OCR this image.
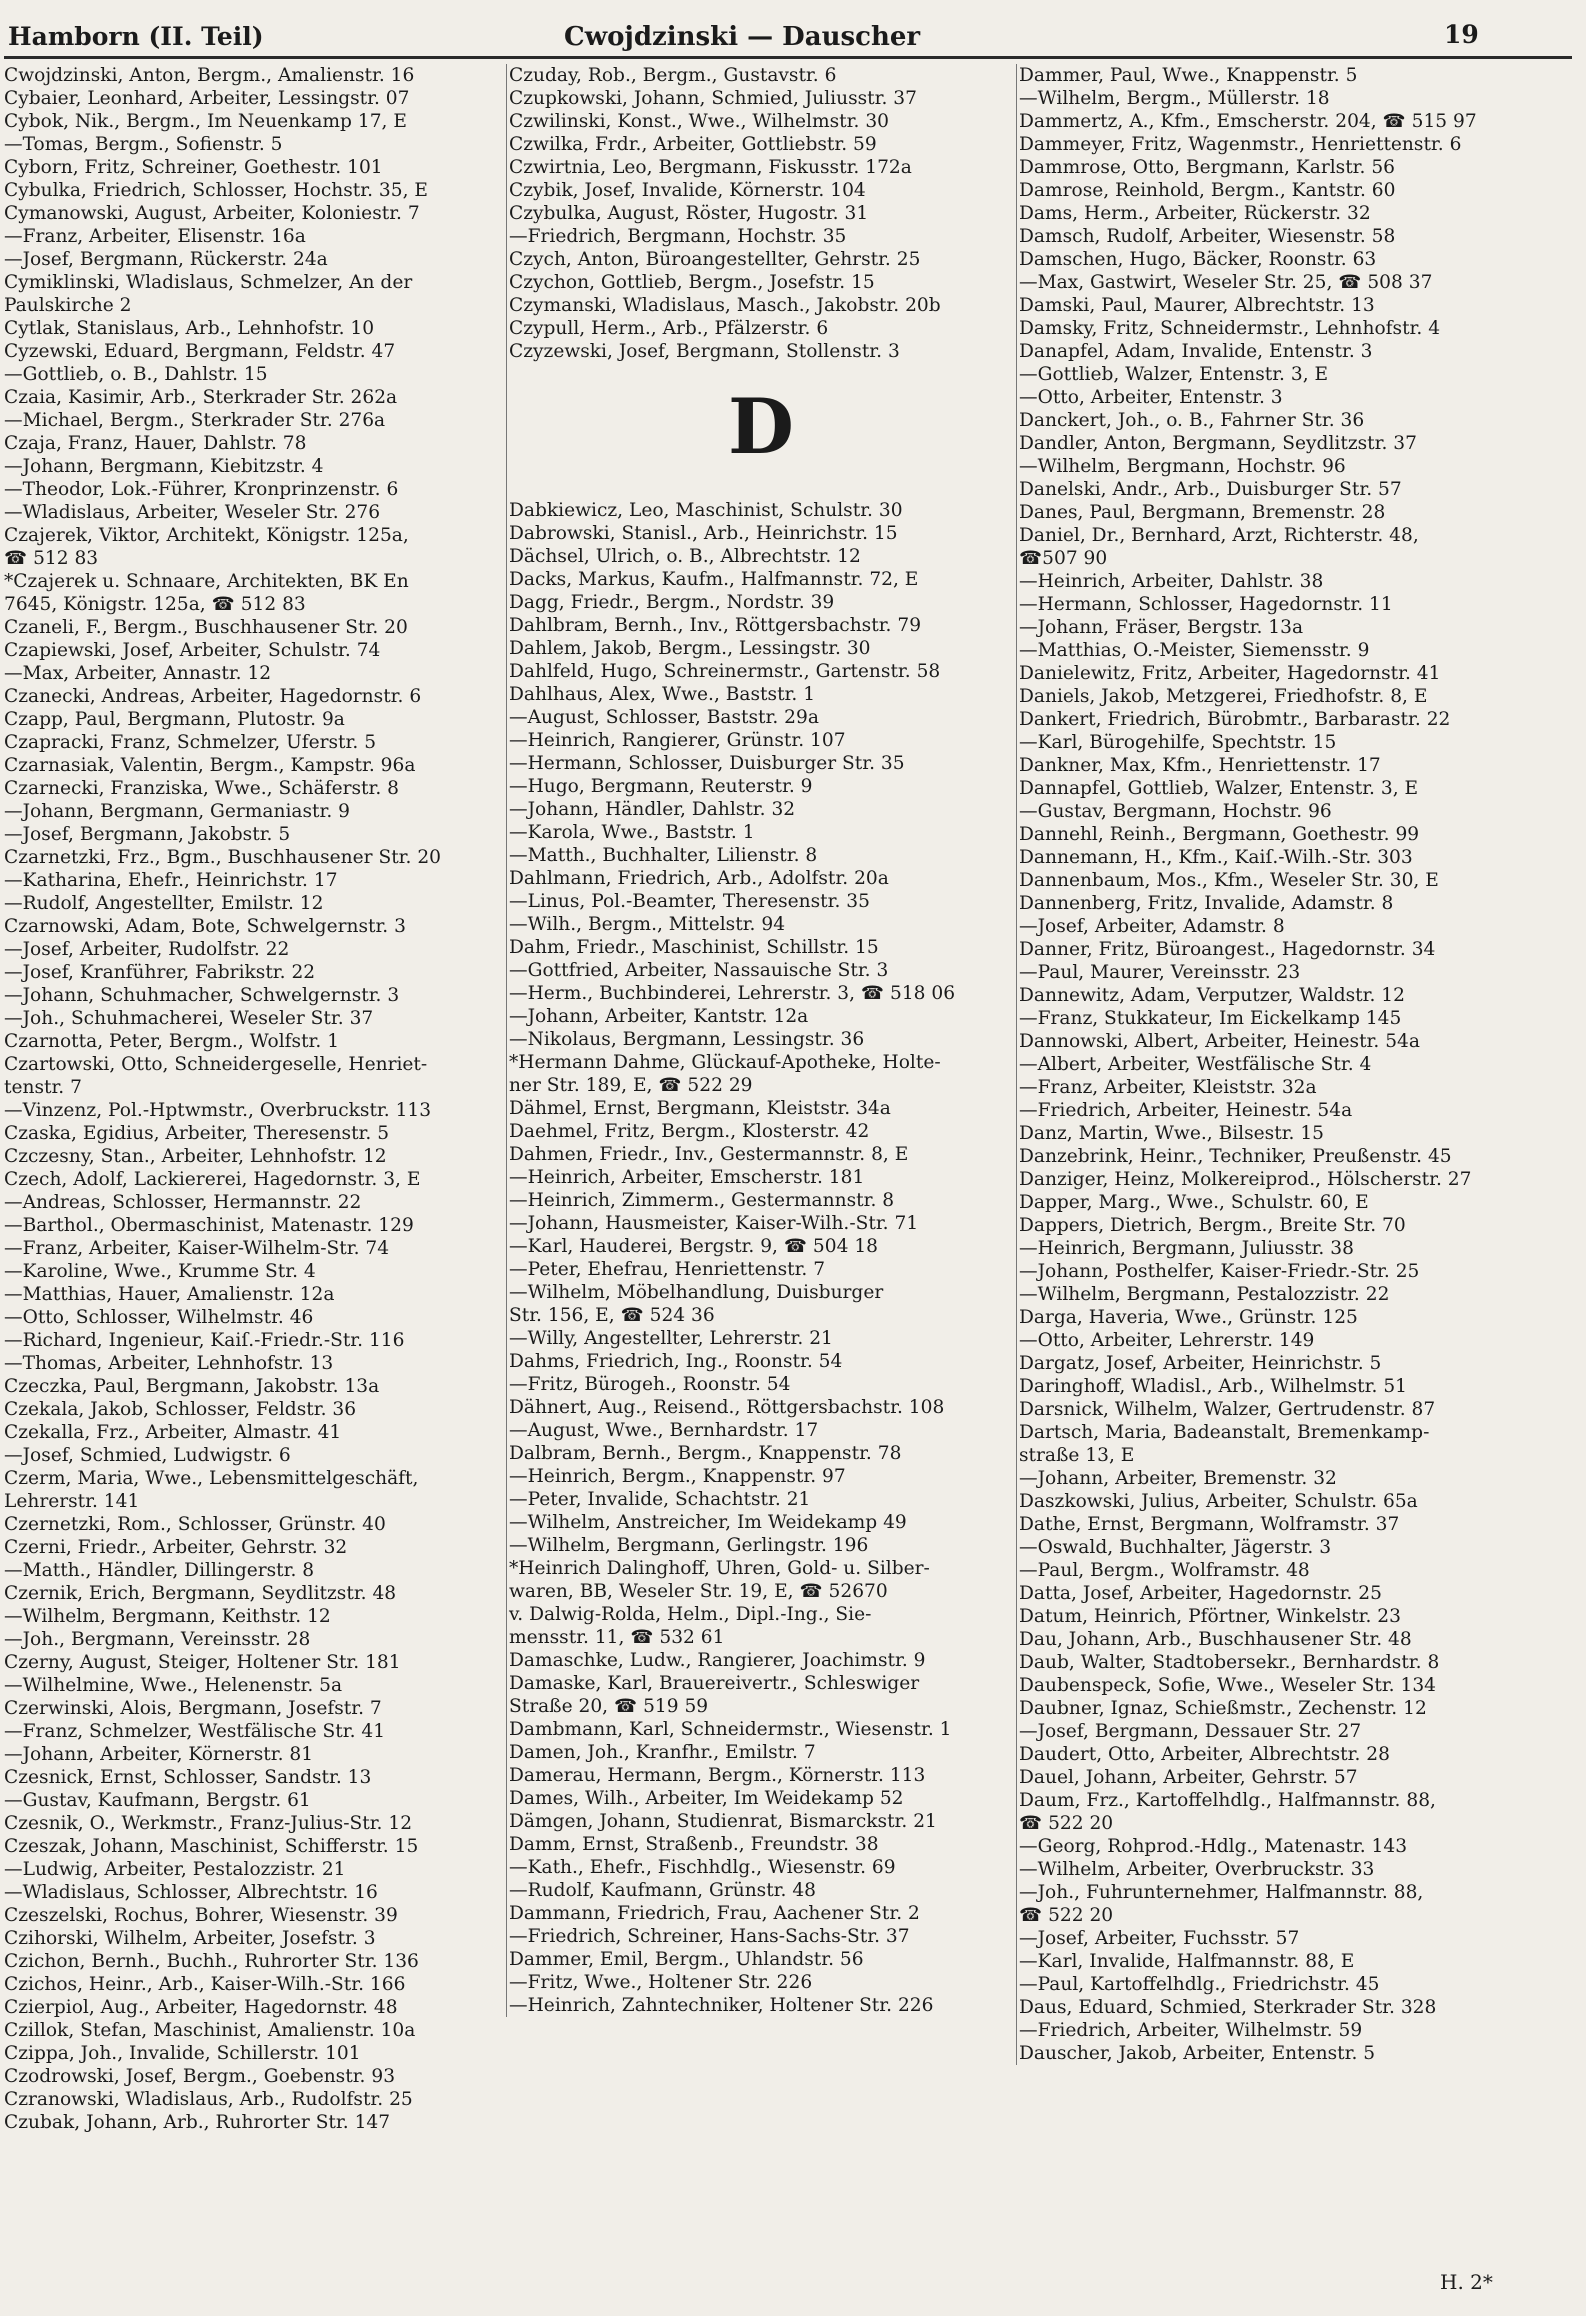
Hamborn (II. Teil)	Cwojdzinski — Dauscher	19
Cwojdzinski, Anton, Bergm., Amalienstr. 16
Cybaier, Leonhard, Arbeiter, Lessingstr. 07
Cybok, Nik., Bergm., Im Neuenkamp 17, E
—Tomas, Bergm., Sofienstr. 5
Cyborn, Fritz, Schreiner, Goethestr. 101
Cybulka, Friedrich, Schlosser, Hochstr. 35, E
Cymanowski, August, Arbeiter, Koloniestr. 7
—Franz, Arbeiter, Elisenstr. 16a
—Josef, Bergmann, Rückerstr. 24a
Cymiklinski, Wladislaus, Schmelzer, An der
Paulskirche 2
Cytlak, Stanislaus, Arb., Lehnhofstr. 10
Cyzewski, Eduard, Bergmann, Feldstr. 47
—Gottlieb, o. B., Dahlstr. 15
Czaia, Kasimir, Arb., Sterkrader Str. 262a
—Michael, Bergm., Sterkrader Str. 276a
Czaja, Franz, Hauer, Dahlstr. 78
—Johann, Bergmann, Kiebitzstr. 4
—Theodor, Lok.-Führer, Kronprinzenstr. 6
—Wladislaus, Arbeiter, Weseler Str. 276
Czajerek, Viktor, Architekt, Königstr. 125a,
☎ 512 83
*Czajerek u. Schnaare, Architekten, BK En
7645, Königstr. 125a, ☎ 512 83
Czaneli, F., Bergm., Buschhausener Str. 20
Czapiewski, Josef, Arbeiter, Schulstr. 74
—Max, Arbeiter, Annastr. 12
Czanecki, Andreas, Arbeiter, Hagedornstr. 6
Czapp, Paul, Bergmann, Plutostr. 9a
Czapracki, Franz, Schmelzer, Uferstr. 5
Czarnasiak, Valentin, Bergm., Kampstr. 96a
Czarnecki, Franziska, Wwe., Schäferstr. 8
—Johann, Bergmann, Germaniastr. 9
—Josef, Bergmann, Jakobstr. 5
Czarnetzki, Frz., Bgm., Buschhausener Str. 20
—Katharina, Ehefr., Heinrichstr. 17
—Rudolf, Angestellter, Emilstr. 12
Czarnowski, Adam, Bote, Schwelgernstr. 3
—Josef, Arbeiter, Rudolfstr. 22
—Josef, Kranführer, Fabrikstr. 22
—Johann, Schuhmacher, Schwelgernstr. 3
—Joh., Schuhmacherei, Weseler Str. 37
Czarnotta, Peter, Bergm., Wolfstr. 1
Czartowski, Otto, Schneidergeselle, Henriet-
tenstr. 7
—Vinzenz, Pol.-Hptwmstr., Overbruckstr. 113
Czaska, Egidius, Arbeiter, Theresenstr. 5
Czczesny, Stan., Arbeiter, Lehnhofstr. 12
Czech, Adolf, Lackiererei, Hagedornstr. 3, E
—Andreas, Schlosser, Hermannstr. 22
—Barthol., Obermaschinist, Matenastr. 129
—Franz, Arbeiter, Kaiser-Wilhelm-Str. 74
—Karoline, Wwe., Krumme Str. 4
—Matthias, Hauer, Amalienstr. 12a
—Otto, Schlosser, Wilhelmstr. 46
—Richard, Ingenieur, Kaiſ.-Friedr.-Str. 116
—Thomas, Arbeiter, Lehnhofstr. 13
Czeczka, Paul, Bergmann, Jakobstr. 13a
Czekala, Jakob, Schlosser, Feldstr. 36
Czekalla, Frz., Arbeiter, Almastr. 41
—Josef, Schmied, Ludwigstr. 6
Czerm, Maria, Wwe., Lebensmittelgeschäft,
Lehrerstr. 141
Czernetzki, Rom., Schlosser, Grünstr. 40
Czerni, Friedr., Arbeiter, Gehrstr. 32
—Matth., Händler, Dillingerstr. 8
Czernik, Erich, Bergmann, Seydlitzstr. 48
—Wilhelm, Bergmann, Keithstr. 12
—Joh., Bergmann, Vereinsstr. 28
Czerny, August, Steiger, Holtener Str. 181
—Wilhelmine, Wwe., Helenenstr. 5a
Czerwinski, Alois, Bergmann, Josefstr. 7
—Franz, Schmelzer, Westfälische Str. 41
—Johann, Arbeiter, Körnerstr. 81
Czesnick, Ernst, Schlosser, Sandstr. 13
—Gustav, Kaufmann, Bergstr. 61
Czesnik, O., Werkmstr., Franz-Julius-Str. 12
Czeszak, Johann, Maschinist, Schifferstr. 15
—Ludwig, Arbeiter, Pestalozzistr. 21
—Wladislaus, Schlosser, Albrechtstr. 16
Czeszelski, Rochus, Bohrer, Wiesenstr. 39
Czihorski, Wilhelm, Arbeiter, Josefstr. 3
Czichon, Bernh., Buchh., Ruhrorter Str. 136
Czichos, Heinr., Arb., Kaiser-Wilh.-Str. 166
Czierpiol, Aug., Arbeiter, Hagedornstr. 48
Czillok, Stefan, Maschinist, Amalienstr. 10a
Czippa, Joh., Invalide, Schillerstr. 101
Czodrowski, Josef, Bergm., Goebenstr. 93
Czranowski, Wladislaus, Arb., Rudolfstr. 25
Czubak, Johann, Arb., Ruhrorter Str. 147
Czuday, Rob., Bergm., Gustavstr. 6
Czupkowski, Johann, Schmied, Juliusstr. 37
Czwilinski, Konst., Wwe., Wilhelmstr. 30
Czwilka, Frdr., Arbeiter, Gottliebstr. 59
Czwirtnia, Leo, Bergmann, Fiskusstr. 172a
Czybik, Josef, Invalide, Körnerstr. 104
Czybulka, August, Röster, Hugostr. 31
—Friedrich, Bergmann, Hochstr. 35
Czych, Anton, Büroangestellter, Gehrstr. 25
Czychon, Gottlieb, Bergm., Josefstr. 15
Czymanski, Wladislaus, Masch., Jakobstr. 20b
Czypull, Herm., Arb., Pfälzerstr. 6
Czyzewski, Josef, Bergmann, Stollenstr. 3
D
Dabkiewicz, Leo, Maschinist, Schulstr. 30
Dabrowski, Stanisl., Arb., Heinrichstr. 15
Dächsel, Ulrich, o. B., Albrechtstr. 12
Dacks, Markus, Kaufm., Halfmannstr. 72, E
Dagg, Friedr., Bergm., Nordstr. 39
Dahlbram, Bernh., Inv., Röttgersbachstr. 79
Dahlem, Jakob, Bergm., Lessingstr. 30
Dahlfeld, Hugo, Schreinermstr., Gartenstr. 58
Dahlhaus, Alex, Wwe., Baststr. 1
—August, Schlosser, Baststr. 29a
—Heinrich, Rangierer, Grünstr. 107
—Hermann, Schlosser, Duisburger Str. 35
—Hugo, Bergmann, Reuterstr. 9
—Johann, Händler, Dahlstr. 32
—Karola, Wwe., Baststr. 1
—Matth., Buchhalter, Lilienstr. 8
Dahlmann, Friedrich, Arb., Adolfstr. 20a
—Linus, Pol.-Beamter, Theresenstr. 35
—Wilh., Bergm., Mittelstr. 94
Dahm, Friedr., Maschinist, Schillstr. 15
—Gottfried, Arbeiter, Nassauische Str. 3
—Herm., Buchbinderei, Lehrerstr. 3, ☎ 518 06
—Johann, Arbeiter, Kantstr. 12a
—Nikolaus, Bergmann, Lessingstr. 36
*Hermann Dahme, Glückauf-Apotheke, Holte-
ner Str. 189, E, ☎ 522 29
Dähmel, Ernst, Bergmann, Kleiststr. 34a
Daehmel, Fritz, Bergm., Klosterstr. 42
Dahmen, Friedr., Inv., Gestermannstr. 8, E
—Heinrich, Arbeiter, Emscherstr. 181
—Heinrich, Zimmerm., Gestermannstr. 8
—Johann, Hausmeister, Kaiser-Wilh.-Str. 71
—Karl, Hauderei, Bergstr. 9, ☎ 504 18
—Peter, Ehefrau, Henriettenstr. 7
—Wilhelm, Möbelhandlung, Duisburger
Str. 156, E, ☎ 524 36
—Willy, Angestellter, Lehrerstr. 21
Dahms, Friedrich, Ing., Roonstr. 54
—Fritz, Bürogeh., Roonstr. 54
Dähnert, Aug., Reisend., Röttgersbachstr. 108
—August, Wwe., Bernhardstr. 17
Dalbram, Bernh., Bergm., Knappenstr. 78
—Heinrich, Bergm., Knappenstr. 97
—Peter, Invalide, Schachtstr. 21
—Wilhelm, Anstreicher, Im Weidekamp 49
—Wilhelm, Bergmann, Gerlingstr. 196
*Heinrich Dalinghoff, Uhren, Gold- u. Silber-
waren, BB, Weseler Str. 19, E, ☎ 52670
v. Dalwig-Rolda, Helm., Dipl.-Ing., Sie-
mensstr. 11, ☎ 532 61
Damaschke, Ludw., Rangierer, Joachimstr. 9
Damaske, Karl, Brauereivertr., Schleswiger
Straße 20, ☎ 519 59
Dambmann, Karl, Schneidermstr., Wiesenstr. 1
Damen, Joh., Kranfhr., Emilstr. 7
Damerau, Hermann, Bergm., Körnerstr. 113
Dames, Wilh., Arbeiter, Im Weidekamp 52
Dämgen, Johann, Studienrat, Bismarckstr. 21
Damm, Ernst, Straßenb., Freundstr. 38
—Kath., Ehefr., Fischhdlg., Wiesenstr. 69
—Rudolf, Kaufmann, Grünstr. 48
Dammann, Friedrich, Frau, Aachener Str. 2
—Friedrich, Schreiner, Hans-Sachs-Str. 37
Dammer, Emil, Bergm., Uhlandstr. 56
—Fritz, Wwe., Holtener Str. 226
—Heinrich, Zahntechniker, Holtener Str. 226
Dammer, Paul, Wwe., Knappenstr. 5
—Wilhelm, Bergm., Müllerstr. 18
Dammertz, A., Kfm., Emscherstr. 204, ☎ 515 97
Dammeyer, Fritz, Wagenmstr., Henriettenstr. 6
Dammrose, Otto, Bergmann, Karlstr. 56
Damrose, Reinhold, Bergm., Kantstr. 60
Dams, Herm., Arbeiter, Rückerstr. 32
Damsch, Rudolf, Arbeiter, Wiesenstr. 58
Damschen, Hugo, Bäcker, Roonstr. 63
—Max, Gastwirt, Weseler Str. 25, ☎ 508 37
Damski, Paul, Maurer, Albrechtstr. 13
Damsky, Fritz, Schneidermstr., Lehnhofstr. 4
Danapfel, Adam, Invalide, Entenstr. 3
—Gottlieb, Walzer, Entenstr. 3, E
—Otto, Arbeiter, Entenstr. 3
Danckert, Joh., o. B., Fahrner Str. 36
Dandler, Anton, Bergmann, Seydlitzstr. 37
—Wilhelm, Bergmann, Hochstr. 96
Danelski, Andr., Arb., Duisburger Str. 57
Danes, Paul, Bergmann, Bremenstr. 28
Daniel, Dr., Bernhard, Arzt, Richterstr. 48,
☎507 90
—Heinrich, Arbeiter, Dahlstr. 38
—Hermann, Schlosser, Hagedornstr. 11
—Johann, Fräser, Bergstr. 13a
—Matthias, O.-Meister, Siemensstr. 9
Danielewitz, Fritz, Arbeiter, Hagedornstr. 41
Daniels, Jakob, Metzgerei, Friedhofstr. 8, E
Dankert, Friedrich, Bürobmtr., Barbarastr. 22
—Karl, Bürogehilfe, Spechtstr. 15
Dankner, Max, Kfm., Henriettenstr. 17
Dannapfel, Gottlieb, Walzer, Entenstr. 3, E
—Gustav, Bergmann, Hochstr. 96
Dannehl, Reinh., Bergmann, Goethestr. 99
Dannemann, H., Kfm., Kaiſ.-Wilh.-Str. 303
Dannenbaum, Mos., Kfm., Weseler Str. 30, E
Dannenberg, Fritz, Invalide, Adamstr. 8
—Josef, Arbeiter, Adamstr. 8
Danner, Fritz, Büroangest., Hagedornstr. 34
—Paul, Maurer, Vereinsstr. 23
Dannewitz, Adam, Verputzer, Waldstr. 12
—Franz, Stukkateur, Im Eickelkamp 145
Dannowski, Albert, Arbeiter, Heinestr. 54a
—Albert, Arbeiter, Westfälische Str. 4
—Franz, Arbeiter, Kleiststr. 32a
—Friedrich, Arbeiter, Heinestr. 54a
Danz, Martin, Wwe., Bilsestr. 15
Danzebrink, Heinr., Techniker, Preußenstr. 45
Danziger, Heinz, Molkereiprod., Hölscherstr. 27
Dapper, Marg., Wwe., Schulstr. 60, E
Dappers, Dietrich, Bergm., Breite Str. 70
—Heinrich, Bergmann, Juliusstr. 38
—Johann, Posthelfer, Kaiser-Friedr.-Str. 25
—Wilhelm, Bergmann, Pestalozzistr. 22
Darga, Haveria, Wwe., Grünstr. 125
—Otto, Arbeiter, Lehrerstr. 149
Dargatz, Josef, Arbeiter, Heinrichstr. 5
Daringhoff, Wladisl., Arb., Wilhelmstr. 51
Darsnick, Wilhelm, Walzer, Gertrudenstr. 87
Dartsch, Maria, Badeanstalt, Bremenkamp-
straße 13, E
—Johann, Arbeiter, Bremenstr. 32
Daszkowski, Julius, Arbeiter, Schulstr. 65a
Dathe, Ernst, Bergmann, Wolframstr. 37
—Oswald, Buchhalter, Jägerstr. 3
—Paul, Bergm., Wolframstr. 48
Datta, Josef, Arbeiter, Hagedornstr. 25
Datum, Heinrich, Pförtner, Winkelstr. 23
Dau, Johann, Arb., Buschhausener Str. 48
Daub, Walter, Stadtobersekr., Bernhardstr. 8
Daubenspeck, Sofie, Wwe., Weseler Str. 134
Daubner, Ignaz, Schießmstr., Zechenstr. 12
—Josef, Bergmann, Dessauer Str. 27
Daudert, Otto, Arbeiter, Albrechtstr. 28
Dauel, Johann, Arbeiter, Gehrstr. 57
Daum, Frz., Kartoffelhdlg., Halfmannstr. 88,
☎ 522 20
—Georg, Rohprod.-Hdlg., Matenastr. 143
—Wilhelm, Arbeiter, Overbruckstr. 33
—Joh., Fuhrunternehmer, Halfmannstr. 88,
☎ 522 20
—Josef, Arbeiter, Fuchsstr. 57
—Karl, Invalide, Halfmannstr. 88, E
—Paul, Kartoffelhdlg., Friedrichstr. 45
Daus, Eduard, Schmied, Sterkrader Str. 328
—Friedrich, Arbeiter, Wilhelmstr. 59
Dauscher, Jakob, Arbeiter, Entenstr. 5
H. 2*
